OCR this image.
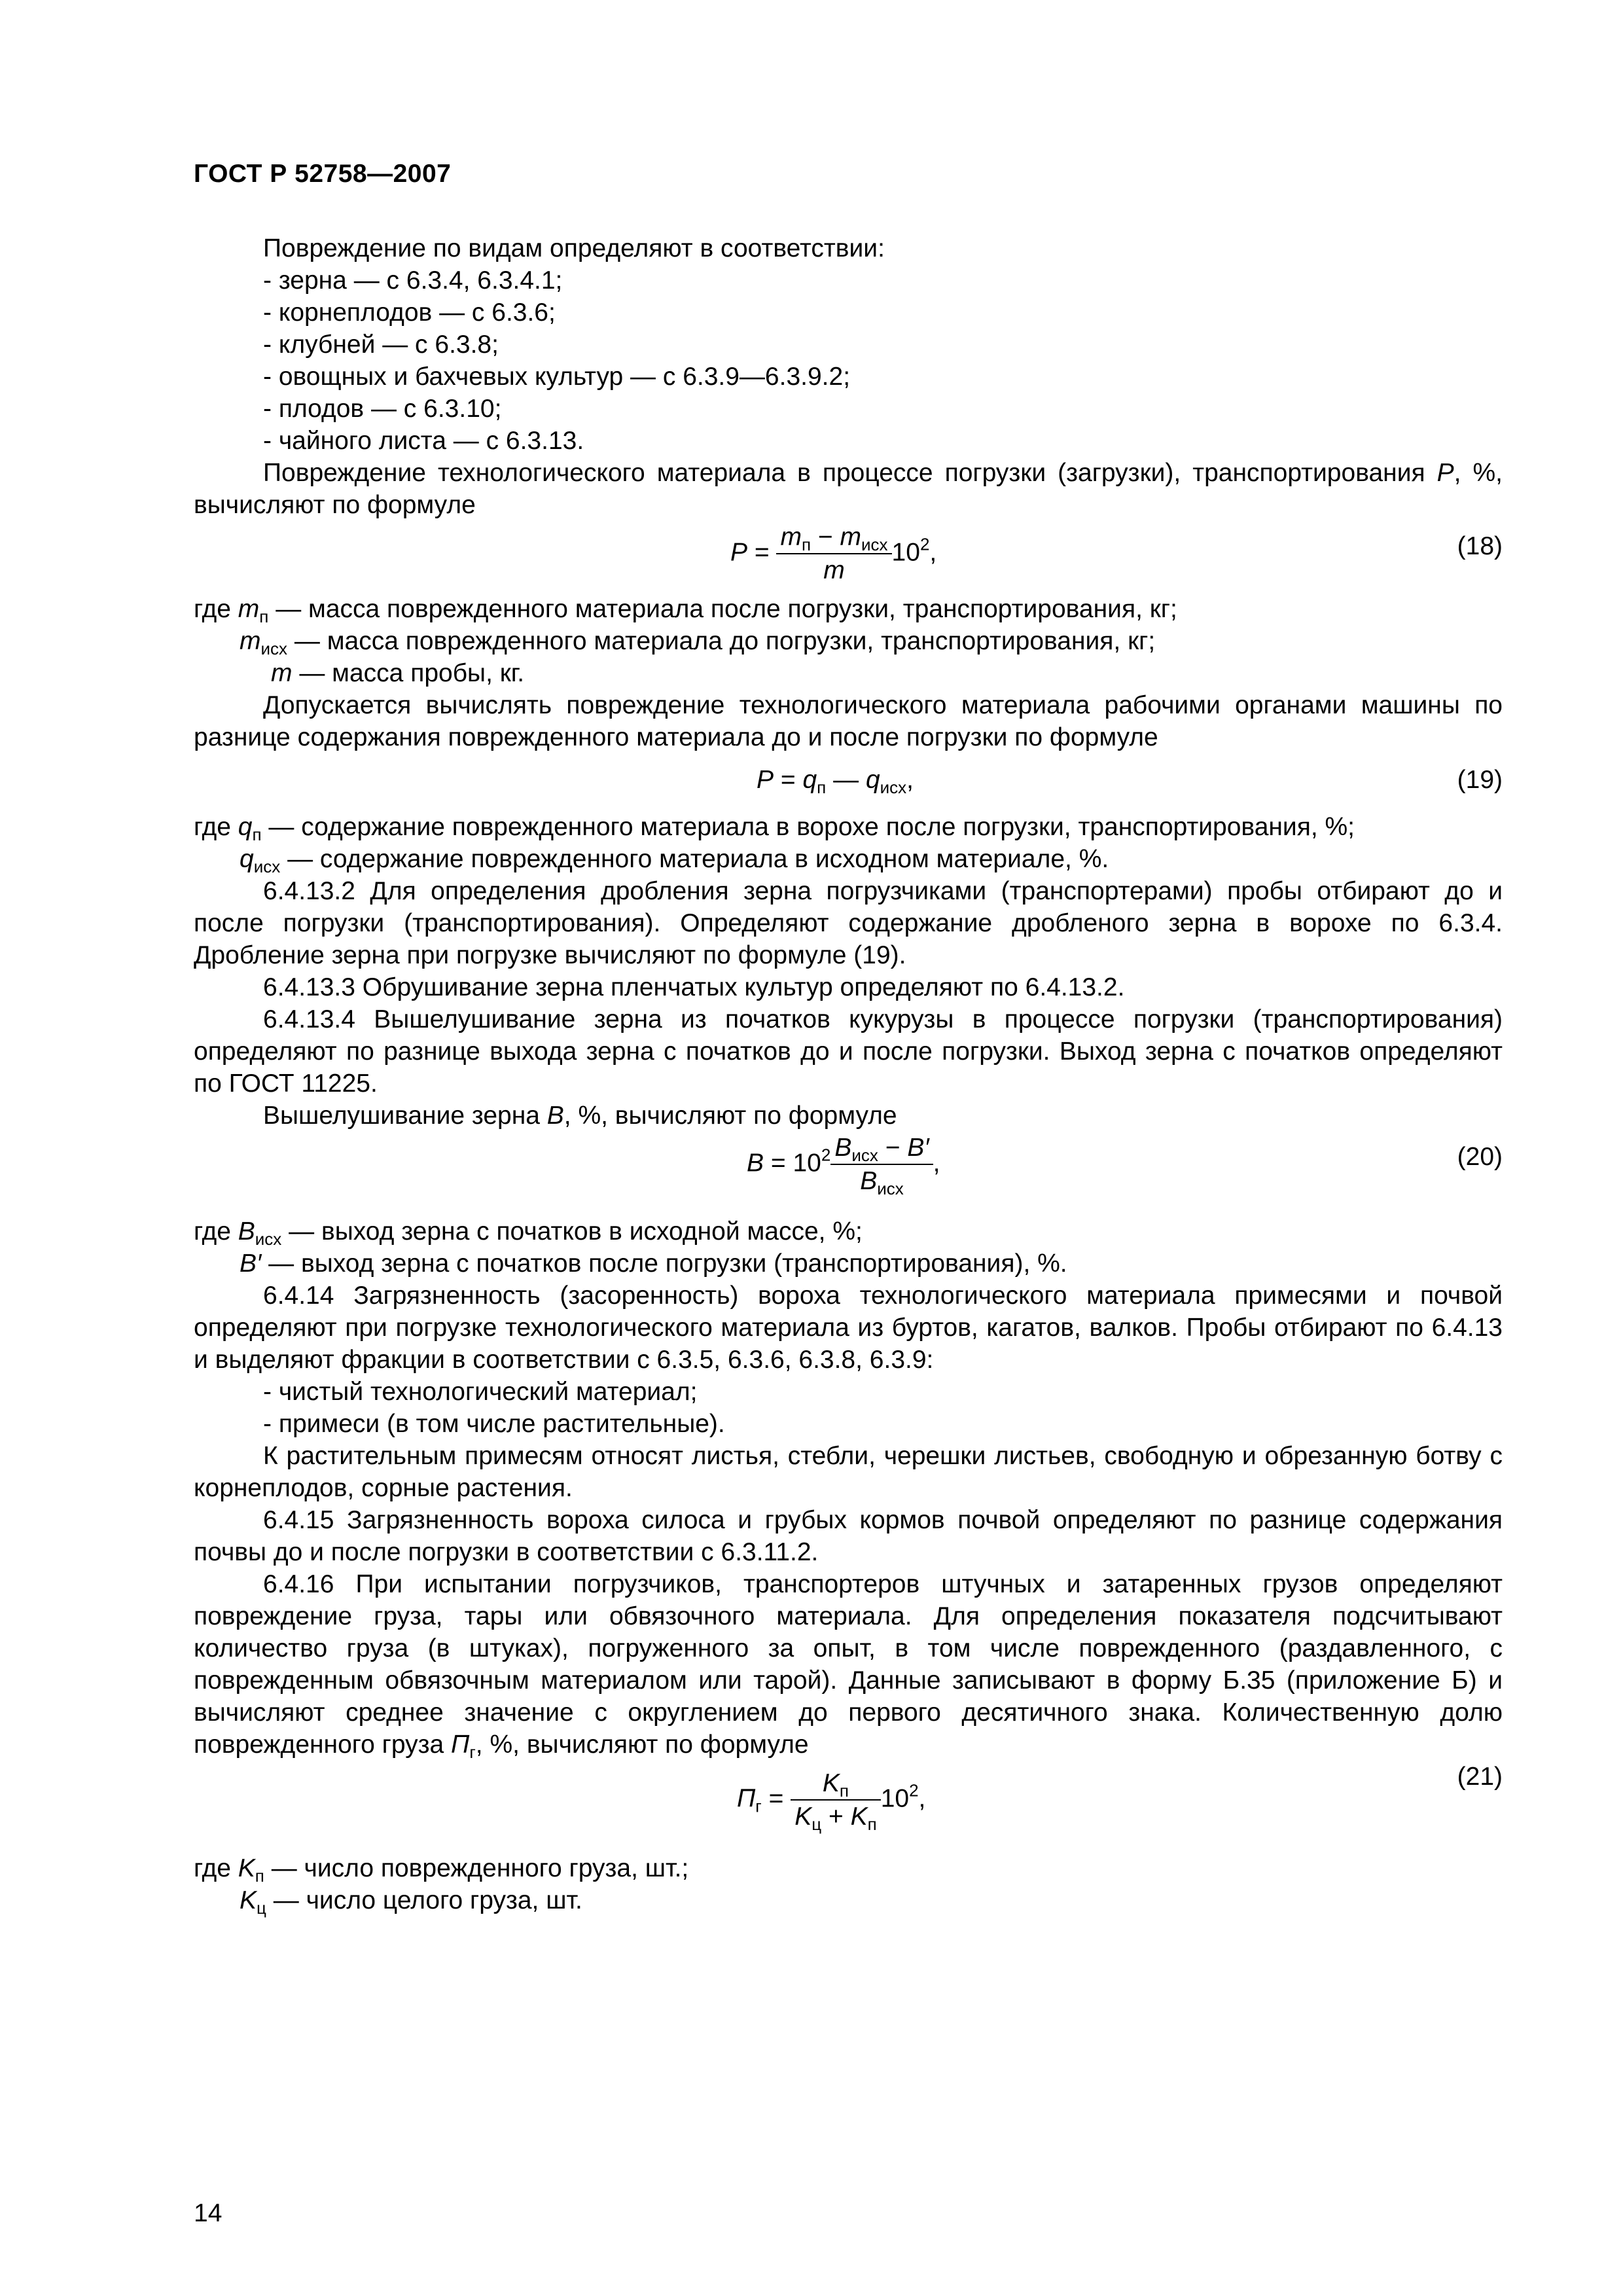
ГОСТ Р 52758—2007

Повреждение по видам определяют в соответствии:

- зерна — с 6.3.4, 6.3.4.1;

- корнеплодов — с 6.3.6;

- клубней — с 6.3.8;

- овощных и бахчевых культур — с 6.3.9—6.3.9.2;

- плодов — с 6.3.10;

- чайного листа — с 6.3.13.

Повреждение технологического материала в процессе погрузки (загрузки), транспортирования P, %, вычисляют по формуле

$P = \frac{m_п - m_{исх}}{m} 10^2$,	(18)

где $m_п$ — масса поврежденного материала после погрузки, транспортирования, кг;

$m_{исх}$ — масса поврежденного материала до погрузки, транспортирования, кг;

m — масса пробы, кг.

Допускается вычислять повреждение технологического материала рабочими органами машины по разнице содержания поврежденного материала до и после погрузки по формуле

$P = q_п$ — $q_{исх}$,	(19)

где $q_п$ — содержание поврежденного материала в ворохе после погрузки, транспортирования, %;

$q_{исх}$ — содержание поврежденного материала в исходном материале, %.

6.4.13.2 Для определения дробления зерна погрузчиками (транспортерами) пробы отбирают до и после погрузки (транспортирования). Определяют содержание дробленого зерна в ворохе по 6.3.4. Дробление зерна при погрузке вычисляют по формуле (19).

6.4.13.3 Обрушивание зерна пленчатых культур определяют по 6.4.13.2.

6.4.13.4 Вышелушивание зерна из початков кукурузы в процессе погрузки (транспортирования) определяют по разнице выхода зерна с початков до и после погрузки. Выход зерна с початков определяют по ГОСТ 11225.

Вышелушивание зерна B, %, вычисляют по формуле

$B = 10^2 \frac{B_{исх} - B'}{B_{исх}}$ ,	(20)

где $B_{исх}$ — выход зерна с початков в исходной массе, %;

B′ — выход зерна с початков после погрузки (транспортирования), %.

6.4.14 Загрязненность (засоренность) вороха технологического материала примесями и почвой определяют при погрузке технологического материала из буртов, кагатов, валков. Пробы отбирают по 6.4.13 и выделяют фракции в соответствии с 6.3.5, 6.3.6, 6.3.8, 6.3.9:

- чистый технологический материал;

- примеси (в том числе растительные).

К растительным примесям относят листья, стебли, черешки листьев, свободную и обрезанную ботву с корнеплодов, сорные растения.

6.4.15 Загрязненность вороха силоса и грубых кормов почвой определяют по разнице содержания почвы до и после погрузки в соответствии с 6.3.11.2.

6.4.16 При испытании погрузчиков, транспортеров штучных и затаренных грузов определяют повреждение груза, тары или обвязочного материала. Для определения показателя подсчитывают количество груза (в штуках), погруженного за опыт, в том числе поврежденного (раздавленного, с поврежденным обвязочным материалом или тарой). Данные записывают в форму Б.35 (приложение Б) и вычисляют среднее значение с округлением до первого десятичного знака. Количественную долю поврежденного груза $П_г$, %, вычисляют по формуле

$П_г = \frac{K_п}{K_ц + K_п} 10^2$,
(21)

где $K_п$ — число поврежденного груза, шт.;

$K_ц$ — число целого груза, шт.

14
